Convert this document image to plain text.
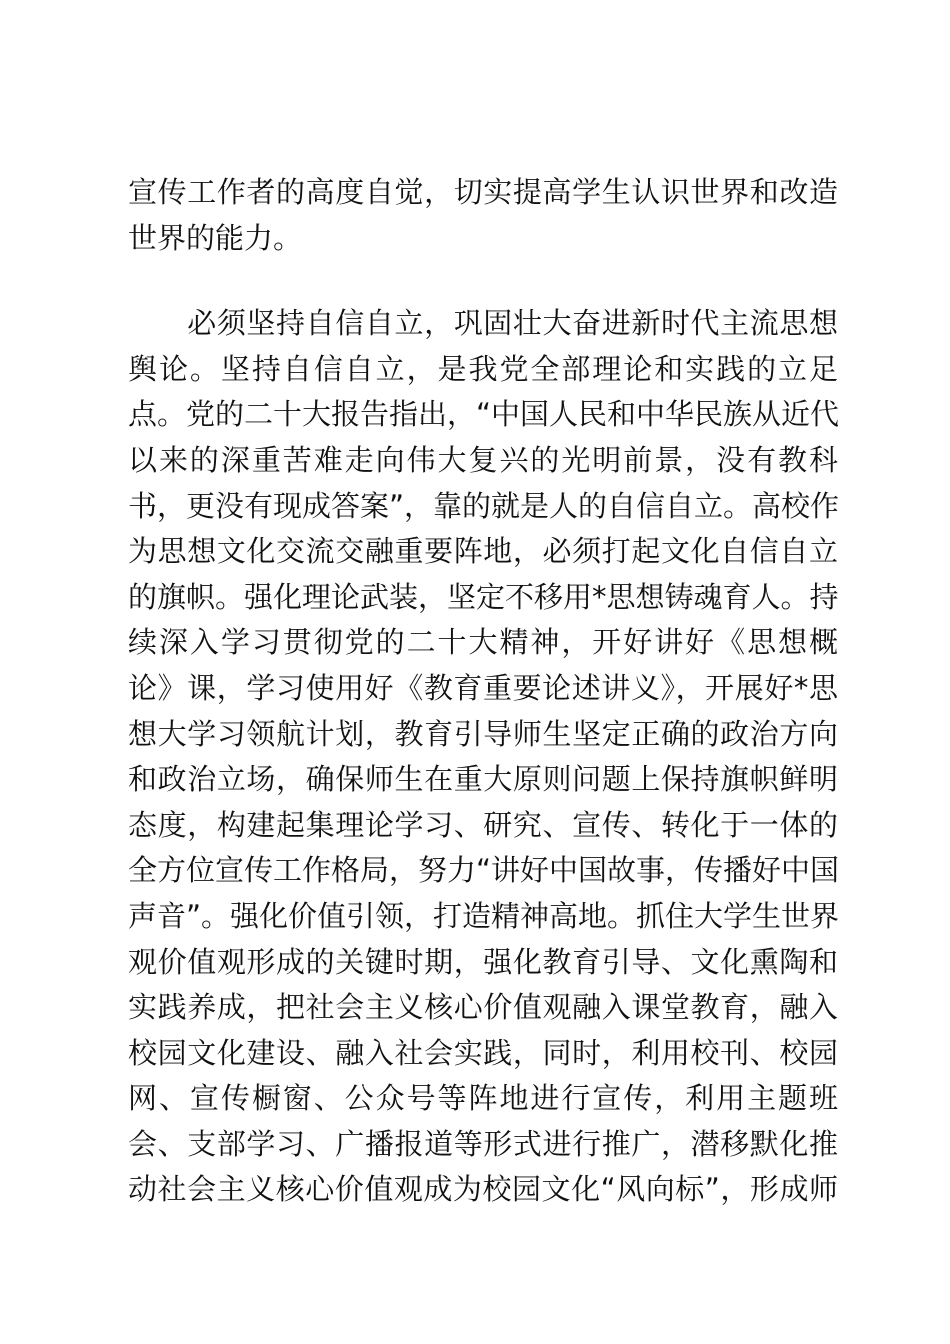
宣传工作者的高度自觉，切实提高学生认识世界和改造
世界的能力。
　　必须坚持自信自立，巩固壮大奋进新时代主流思想
舆论。坚持自信自立，是我党全部理论和实践的立足
点。党的二十大报告指出，“中国人民和中华民族从近代
以来的深重苦难走向伟大复兴的光明前景，没有教科
书，更没有现成答案”，靠的就是人的自信自立。高校作
为思想文化交流交融重要阵地，必须打起文化自信自立
的旗帜。强化理论武装，坚定不移用*思想铸魂育人。持
续深入学习贯彻党的二十大精神，开好讲好《思想概
论》课，学习使用好《教育重要论述讲义》，开展好*思
想大学习领航计划，教育引导师生坚定正确的政治方向
和政治立场，确保师生在重大原则问题上保持旗帜鲜明
态度，构建起集理论学习、研究、宣传、转化于一体的
全方位宣传工作格局，努力“讲好中国故事，传播好中国
声音”。强化价值引领，打造精神高地。抓住大学生世界
观价值观形成的关键时期，强化教育引导、文化熏陶和
实践养成，把社会主义核心价值观融入课堂教育，融入
校园文化建设、融入社会实践，同时，利用校刊、校园
网、宣传橱窗、公众号等阵地进行宣传，利用主题班
会、支部学习、广播报道等形式进行推广，潜移默化推
动社会主义核心价值观成为校园文化“风向标”，形成师
